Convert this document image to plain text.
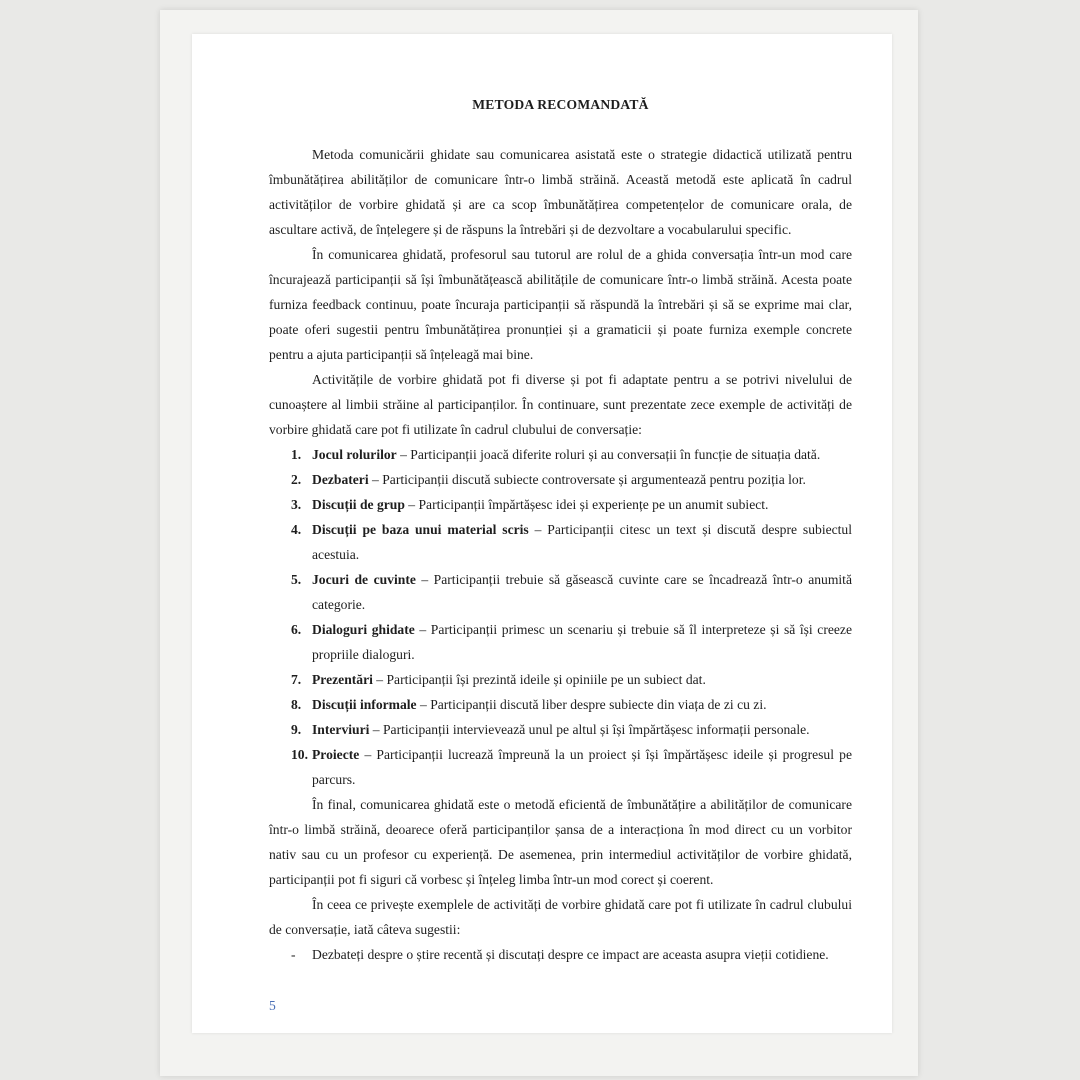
METODA RECOMANDATĂ

Metoda comunicării ghidate sau comunicarea asistată este o strategie didactică utilizată pentru îmbunătățirea abilităților de comunicare într-o limbă străină. Această metodă este aplicată în cadrul activităților de vorbire ghidată și are ca scop îmbunătățirea competențelor de comunicare orala, de ascultare activă, de înțelegere și de răspuns la întrebări și de dezvoltare a vocabularului specific.

În comunicarea ghidată, profesorul sau tutorul are rolul de a ghida conversația într-un mod care încurajează participanții să își îmbunătățească abilitățile de comunicare într-o limbă străină. Acesta poate furniza feedback continuu, poate încuraja participanții să răspundă la întrebări și să se exprime mai clar, poate oferi sugestii pentru îmbunătățirea pronunției și a gramaticii și poate furniza exemple concrete pentru a ajuta participanții să înțeleagă mai bine.

Activitățile de vorbire ghidată pot fi diverse și pot fi adaptate pentru a se potrivi nivelului de cunoaștere al limbii străine al participanților. În continuare, sunt prezentate zece exemple de activități de vorbire ghidată care pot fi utilizate în cadrul clubului de conversație:

1. Jocul rolurilor – Participanții joacă diferite roluri și au conversații în funcție de situația dată.
2. Dezbateri – Participanții discută subiecte controversate și argumentează pentru poziția lor.
3. Discuții de grup – Participanții împărtășesc idei și experiențe pe un anumit subiect.
4. Discuții pe baza unui material scris – Participanții citesc un text și discută despre subiectul acestuia.
5. Jocuri de cuvinte – Participanții trebuie să găsească cuvinte care se încadrează într-o anumită categorie.
6. Dialoguri ghidate – Participanții primesc un scenariu și trebuie să îl interpreteze și să își creeze propriile dialoguri.
7. Prezentări – Participanții își prezintă ideile și opiniile pe un subiect dat.
8. Discuții informale – Participanții discută liber despre subiecte din viața de zi cu zi.
9. Interviuri – Participanții intervievează unul pe altul și își împărtășesc informații personale.
10. Proiecte – Participanții lucrează împreună la un proiect și își împărtășesc ideile și progresul pe parcurs.

În final, comunicarea ghidată este o metodă eficientă de îmbunătățire a abilităților de comunicare într-o limbă străină, deoarece oferă participanților șansa de a interacționa în mod direct cu un vorbitor nativ sau cu un profesor cu experiență. De asemenea, prin intermediul activităților de vorbire ghidată, participanții pot fi siguri că vorbesc și înțeleg limba într-un mod corect și coerent.

În ceea ce privește exemplele de activități de vorbire ghidată care pot fi utilizate în cadrul clubului de conversație, iată câteva sugestii:

- Dezbateți despre o știre recentă și discutați despre ce impact are aceasta asupra vieții cotidiene.
5
